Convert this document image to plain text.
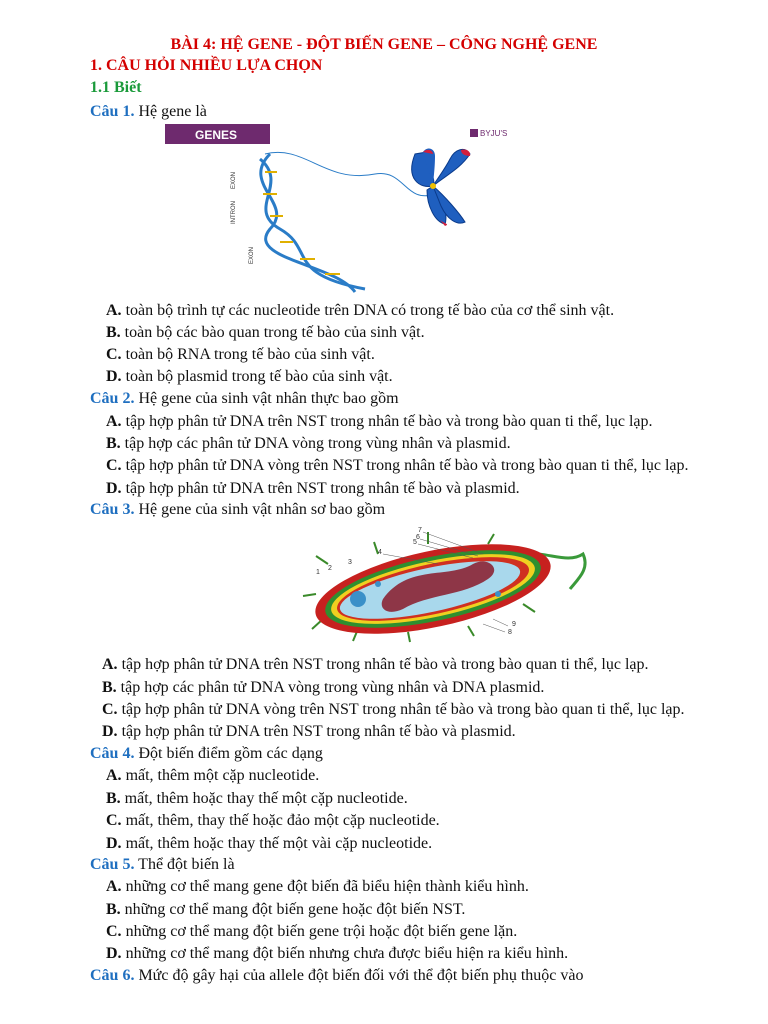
BÀI 4: HỆ GENE - ĐỘT BIẾN GENE – CÔNG NGHỆ GENE
1. CÂU HỎI NHIỀU LỰA CHỌN
1.1 Biết
Câu 1. Hệ gene là
GENES	BYJU'S
EXON
INTRON
EXON
A. toàn bộ trình tự các nucleotide trên DNA có trong tế bào của cơ thể sinh vật.
B. toàn bộ các bào quan trong tế bào của sinh vật.
C. toàn bộ RNA trong tế bào của sinh vật.
D. toàn bộ plasmid trong tế bào của sinh vật.
Câu 2. Hệ gene của sinh vật nhân thực bao gồm
A. tập hợp phân tử DNA trên NST trong nhân tế bào và trong bào quan ti thể, lục lạp.
B. tập hợp các phân tử DNA vòng trong vùng nhân và plasmid.
C. tập hợp phân tử DNA vòng trên NST trong nhân tế bào và trong bào quan ti thể, lục lạp.
D. tập hợp phân tử DNA trên NST trong nhân tế bào và plasmid.
Câu 3. Hệ gene của sinh vật nhân sơ bao gồm
1
2
3
4
5
6
7
8
9
A. tập hợp phân tử DNA trên NST trong nhân tế bào và trong bào quan ti thể, lục lạp.
B. tập hợp các phân tử DNA vòng trong vùng nhân và DNA plasmid.
C. tập hợp phân tử DNA vòng trên NST trong nhân tế bào và trong bào quan ti thể, lục lạp.
D. tập hợp phân tử DNA trên NST trong nhân tế bào và plasmid.
Câu 4. Đột biến điểm gồm các dạng
A. mất, thêm một cặp nucleotide.
B. mất, thêm hoặc thay thế một cặp nucleotide.
C. mất, thêm, thay thế hoặc đảo một cặp nucleotide.
D. mất, thêm hoặc thay thế một vài cặp nucleotide.
Câu 5. Thể đột biến là
A. những cơ thể mang gene đột biến đã biểu hiện thành kiểu hình.
B. những cơ thể mang đột biến gene hoặc đột biến NST.
C. những cơ thể mang đột biến gene trội hoặc đột biến gene lặn.
D. những cơ thể mang đột biến nhưng chưa được biểu hiện ra kiểu hình.
Câu 6. Mức độ gây hại của allele đột biến đối với thể đột biến phụ thuộc vào
